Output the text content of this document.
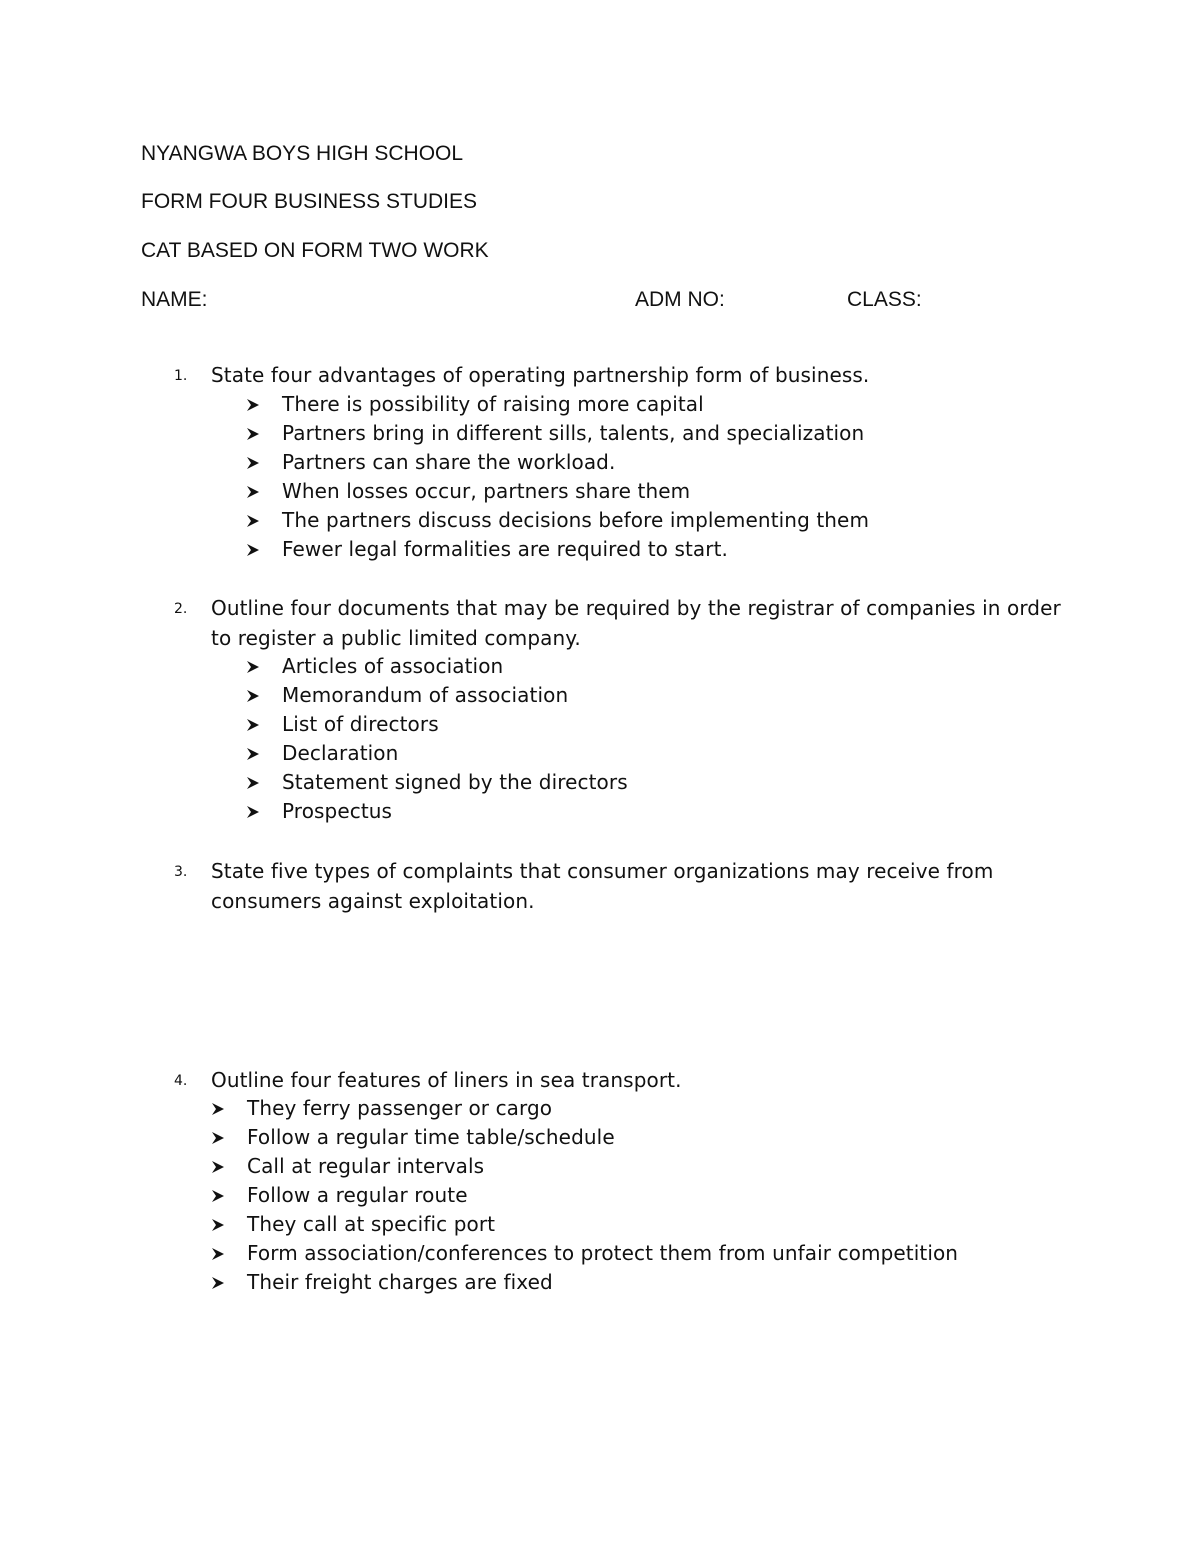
NYANGWA BOYS HIGH SCHOOL
FORM FOUR BUSINESS STUDIES
CAT BASED ON FORM TWO WORK
NAME:	ADM NO:	CLASS:
1. State four advantages of operating partnership form of business.
There is possibility of raising more capital
Partners bring in different sills, talents, and specialization
Partners can share the workload.
When losses occur, partners share them
The partners discuss decisions before implementing them
Fewer legal formalities are required to start.
2. Outline four documents that may be required by the registrar of companies in order to register a public limited company.
Articles of association
Memorandum of association
List of directors
Declaration
Statement signed by the directors
Prospectus
3. State five types of complaints that consumer organizations may receive from consumers against exploitation.
4. Outline four features of liners in sea transport.
They ferry passenger or cargo
Follow a regular time table/schedule
Call at regular intervals
Follow a regular route
They call at specific port
Form association/conferences to protect them from unfair competition
Their freight charges are fixed
